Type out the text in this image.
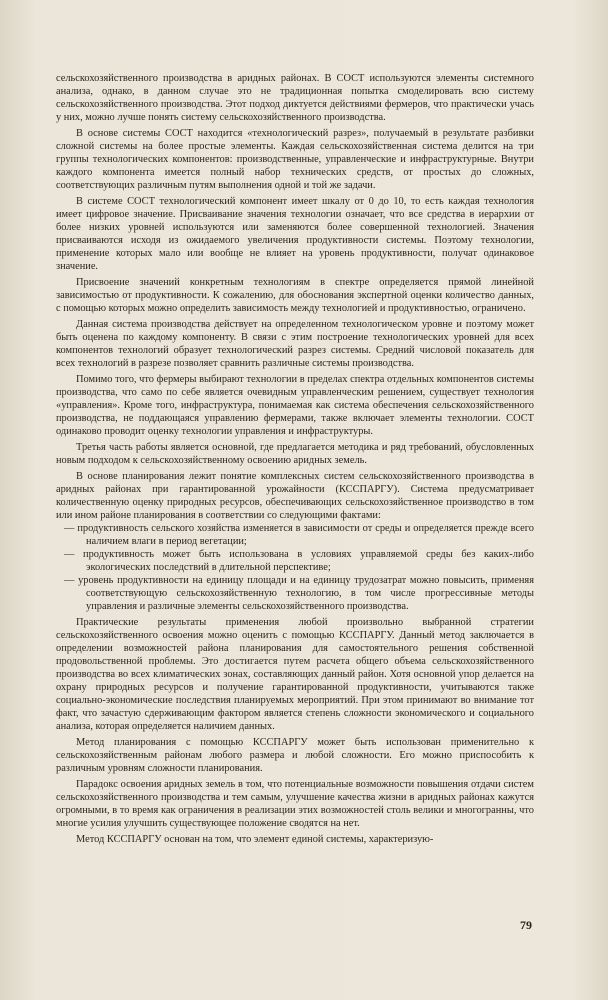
сельскохозяйственного производства в аридных районах. В СОСТ используются элементы системного анализа, однако, в данном случае это не традиционная попытка смоделировать всю систему сельскохозяйственного производства. Этот подход диктуется действиями фермеров, что практически учась у них, можно лучше понять систему сельскохозяйственного производства.

В основе системы СОСТ находится «технологический разрез», получаемый в результате разбивки сложной системы на более простые элементы. Каждая сельскохозяйственная система делится на три группы технологических компонентов: производственные, управленческие и инфраструктурные. Внутри каждого компонента имеется полный набор технических средств, от простых до сложных, соответствующих различным путям выполнения одной и той же задачи.

В системе СОСТ технологический компонент имеет шкалу от 0 до 10, то есть каждая технология имеет цифровое значение. Присваивание значения технологии означает, что все средства в иерархии от более низких уровней используются или заменяются более совершенной технологией. Значения присваиваются исходя из ожидаемого увеличения продуктивности системы. Поэтому технологии, применение которых мало или вообще не влияет на уровень продуктивности, получат одинаковое значение.

Присвоение значений конкретным технологиям в спектре определяется прямой линейной зависимостью от продуктивности. К сожалению, для обоснования экспертной оценки количество данных, с помощью которых можно определить зависимость между технологией и продуктивностью, ограничено.

Данная система производства действует на определенном технологическом уровне и поэтому может быть оценена по каждому компоненту. В связи с этим построение технологических уровней для всех компонентов технологий образует технологический разрез системы. Средний числовой показатель для всех технологий в разрезе позволяет сравнить различные системы производства.

Помимо того, что фермеры выбирают технологии в пределах спектра отдельных компонентов системы производства, что само по себе является очевидным управленческим решением, существует технология «управления». Кроме того, инфраструктура, понимаемая как система обеспечения сельскохозяйственного производства, не поддающаяся управлению фермерами, также включает элементы технологии. СОСТ одинаково проводит оценку технологии управления и инфраструктуры.

Третья часть работы является основной, где предлагается методика и ряд требований, обусловленных новым подходом к сельскохозяйственному освоению аридных земель.

В основе планирования лежит понятие комплексных систем сельскохозяйственного производства в аридных районах при гарантированной урожайности (КССПАРГУ). Система предусматривает количественную оценку природных ресурсов, обеспечивающих сельскохозяйственное производство в том или ином районе планирования в соответствии со следующими фактами:

— продуктивность сельского хозяйства изменяется в зависимости от среды и определяется прежде всего наличием влаги в период вегетации;
— продуктивность может быть использована в условиях управляемой среды без каких-либо экологических последствий в длительной перспективе;
— уровень продуктивности на единицу площади и на единицу трудозатрат можно повысить, применяя соответствующую сельскохозяйственную технологию, в том числе прогрессивные методы управления и различные элементы сельскохозяйственного производства.

Практические результаты применения любой произвольно выбранной стратегии сельскохозяйственного освоения можно оценить с помощью КССПАРГУ. Данный метод заключается в определении возможностей района планирования для самостоятельного решения собственной продовольственной проблемы. Это достигается путем расчета общего объема сельскохозяйственного производства во всех климатических зонах, составляющих данный район. Хотя основной упор делается на охрану природных ресурсов и получение гарантированной продуктивности, учитываются также социально-экономические последствия планируемых мероприятий. При этом принимают во внимание тот факт, что зачастую сдерживающим фактором является степень сложности экономического и социального анализа, которая определяется наличием данных.

Метод планирования с помощью КССПАРГУ может быть использован применительно к сельскохозяйственным районам любого размера и любой сложности. Его можно приспособить к различным уровням сложности планирования.

Парадокс освоения аридных земель в том, что потенциальные возможности повышения отдачи систем сельскохозяйственного производства и тем самым, улучшение качества жизни в аридных районах кажутся огромными, в то время как ограничения в реализации этих возможностей столь велики и многогранны, что многие усилия улучшить существующее положение сводятся на нет.

Метод КССПАРГУ основан на том, что элемент единой системы, характеризую-

79
